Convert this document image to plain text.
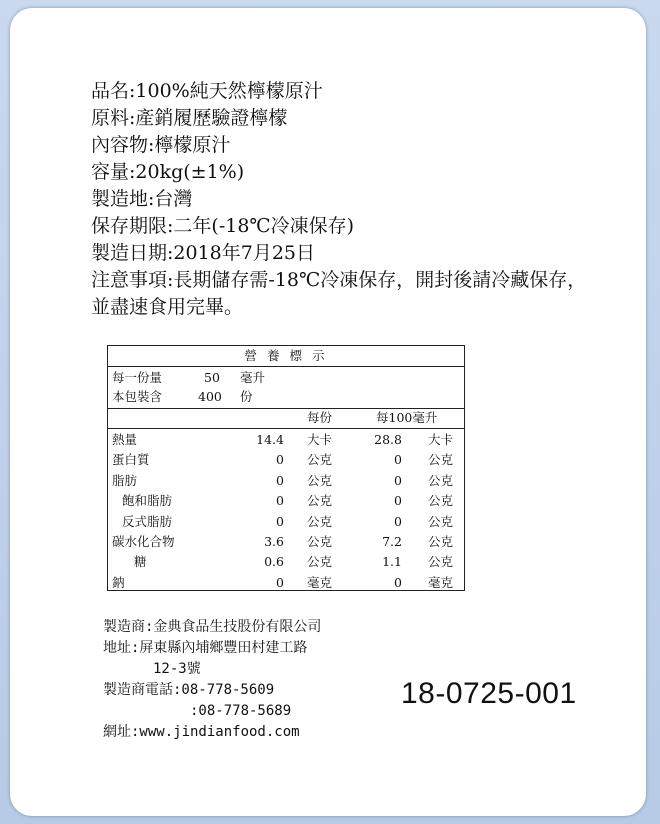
品名:100%純天然檸檬原汁
原料:產銷履歷驗證檸檬
內容物:檸檬原汁
容量:20kg(±1%)
製造地:台灣
保存期限:二年(-18℃冷凍保存)
製造日期:2018年7月25日
注意事項:長期儲存需-18℃冷凍保存，開封後請冷藏保存，並盡速食用完畢。
營 養 標 示
每一份量	50 毫升
本包裝含	400 份
每份	每100毫升
熱量	14.4 大卡	28.8 大卡
蛋白質	0 公克	0 公克
脂肪	0 公克	0 公克
飽和脂肪	0 公克	0 公克
反式脂肪	0 公克	0 公克
碳水化合物	3.6 公克	7.2 公克
糖	0.6 公克	1.1 公克
鈉	0 毫克	0 毫克
製造商:金典食品生技股份有限公司
地址:屏東縣內埔鄉豐田村建工路
12-3號
製造商電話:08-778-5609
:08-778-5689
網址:www.jindianfood.com
18-0725-001
